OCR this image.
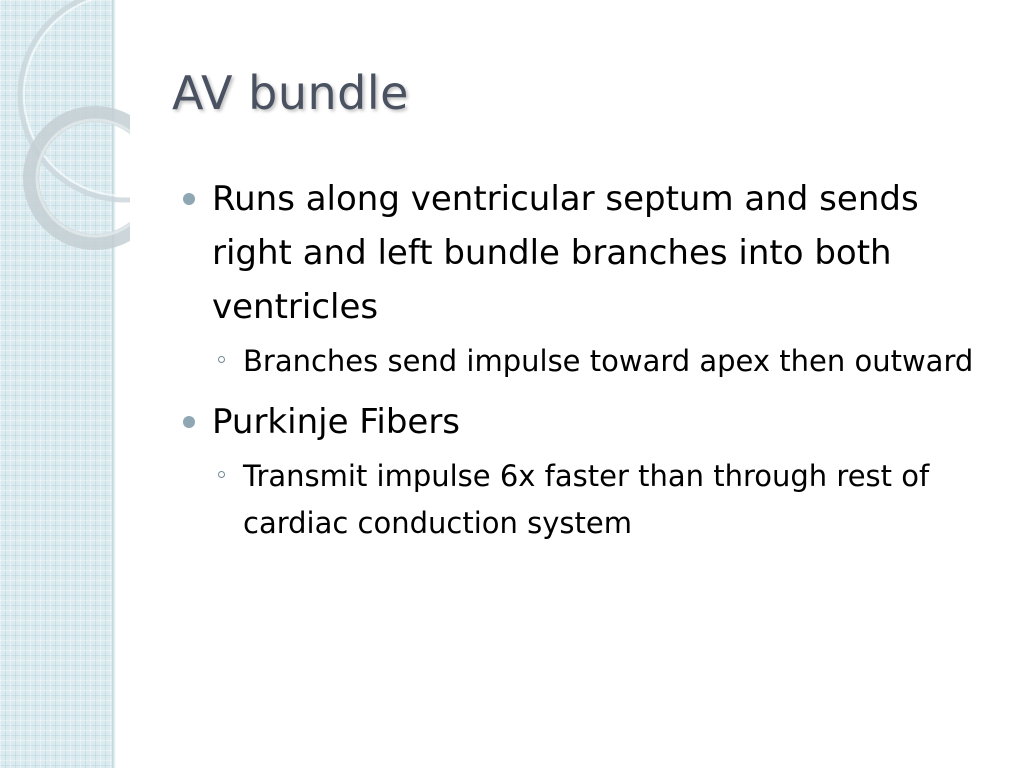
AV bundle
Runs along ventricular septum and sends right and left bundle branches into both ventricles
Branches send impulse toward apex then outward
Purkinje Fibers
Transmit impulse 6x faster than through rest of cardiac conduction system
